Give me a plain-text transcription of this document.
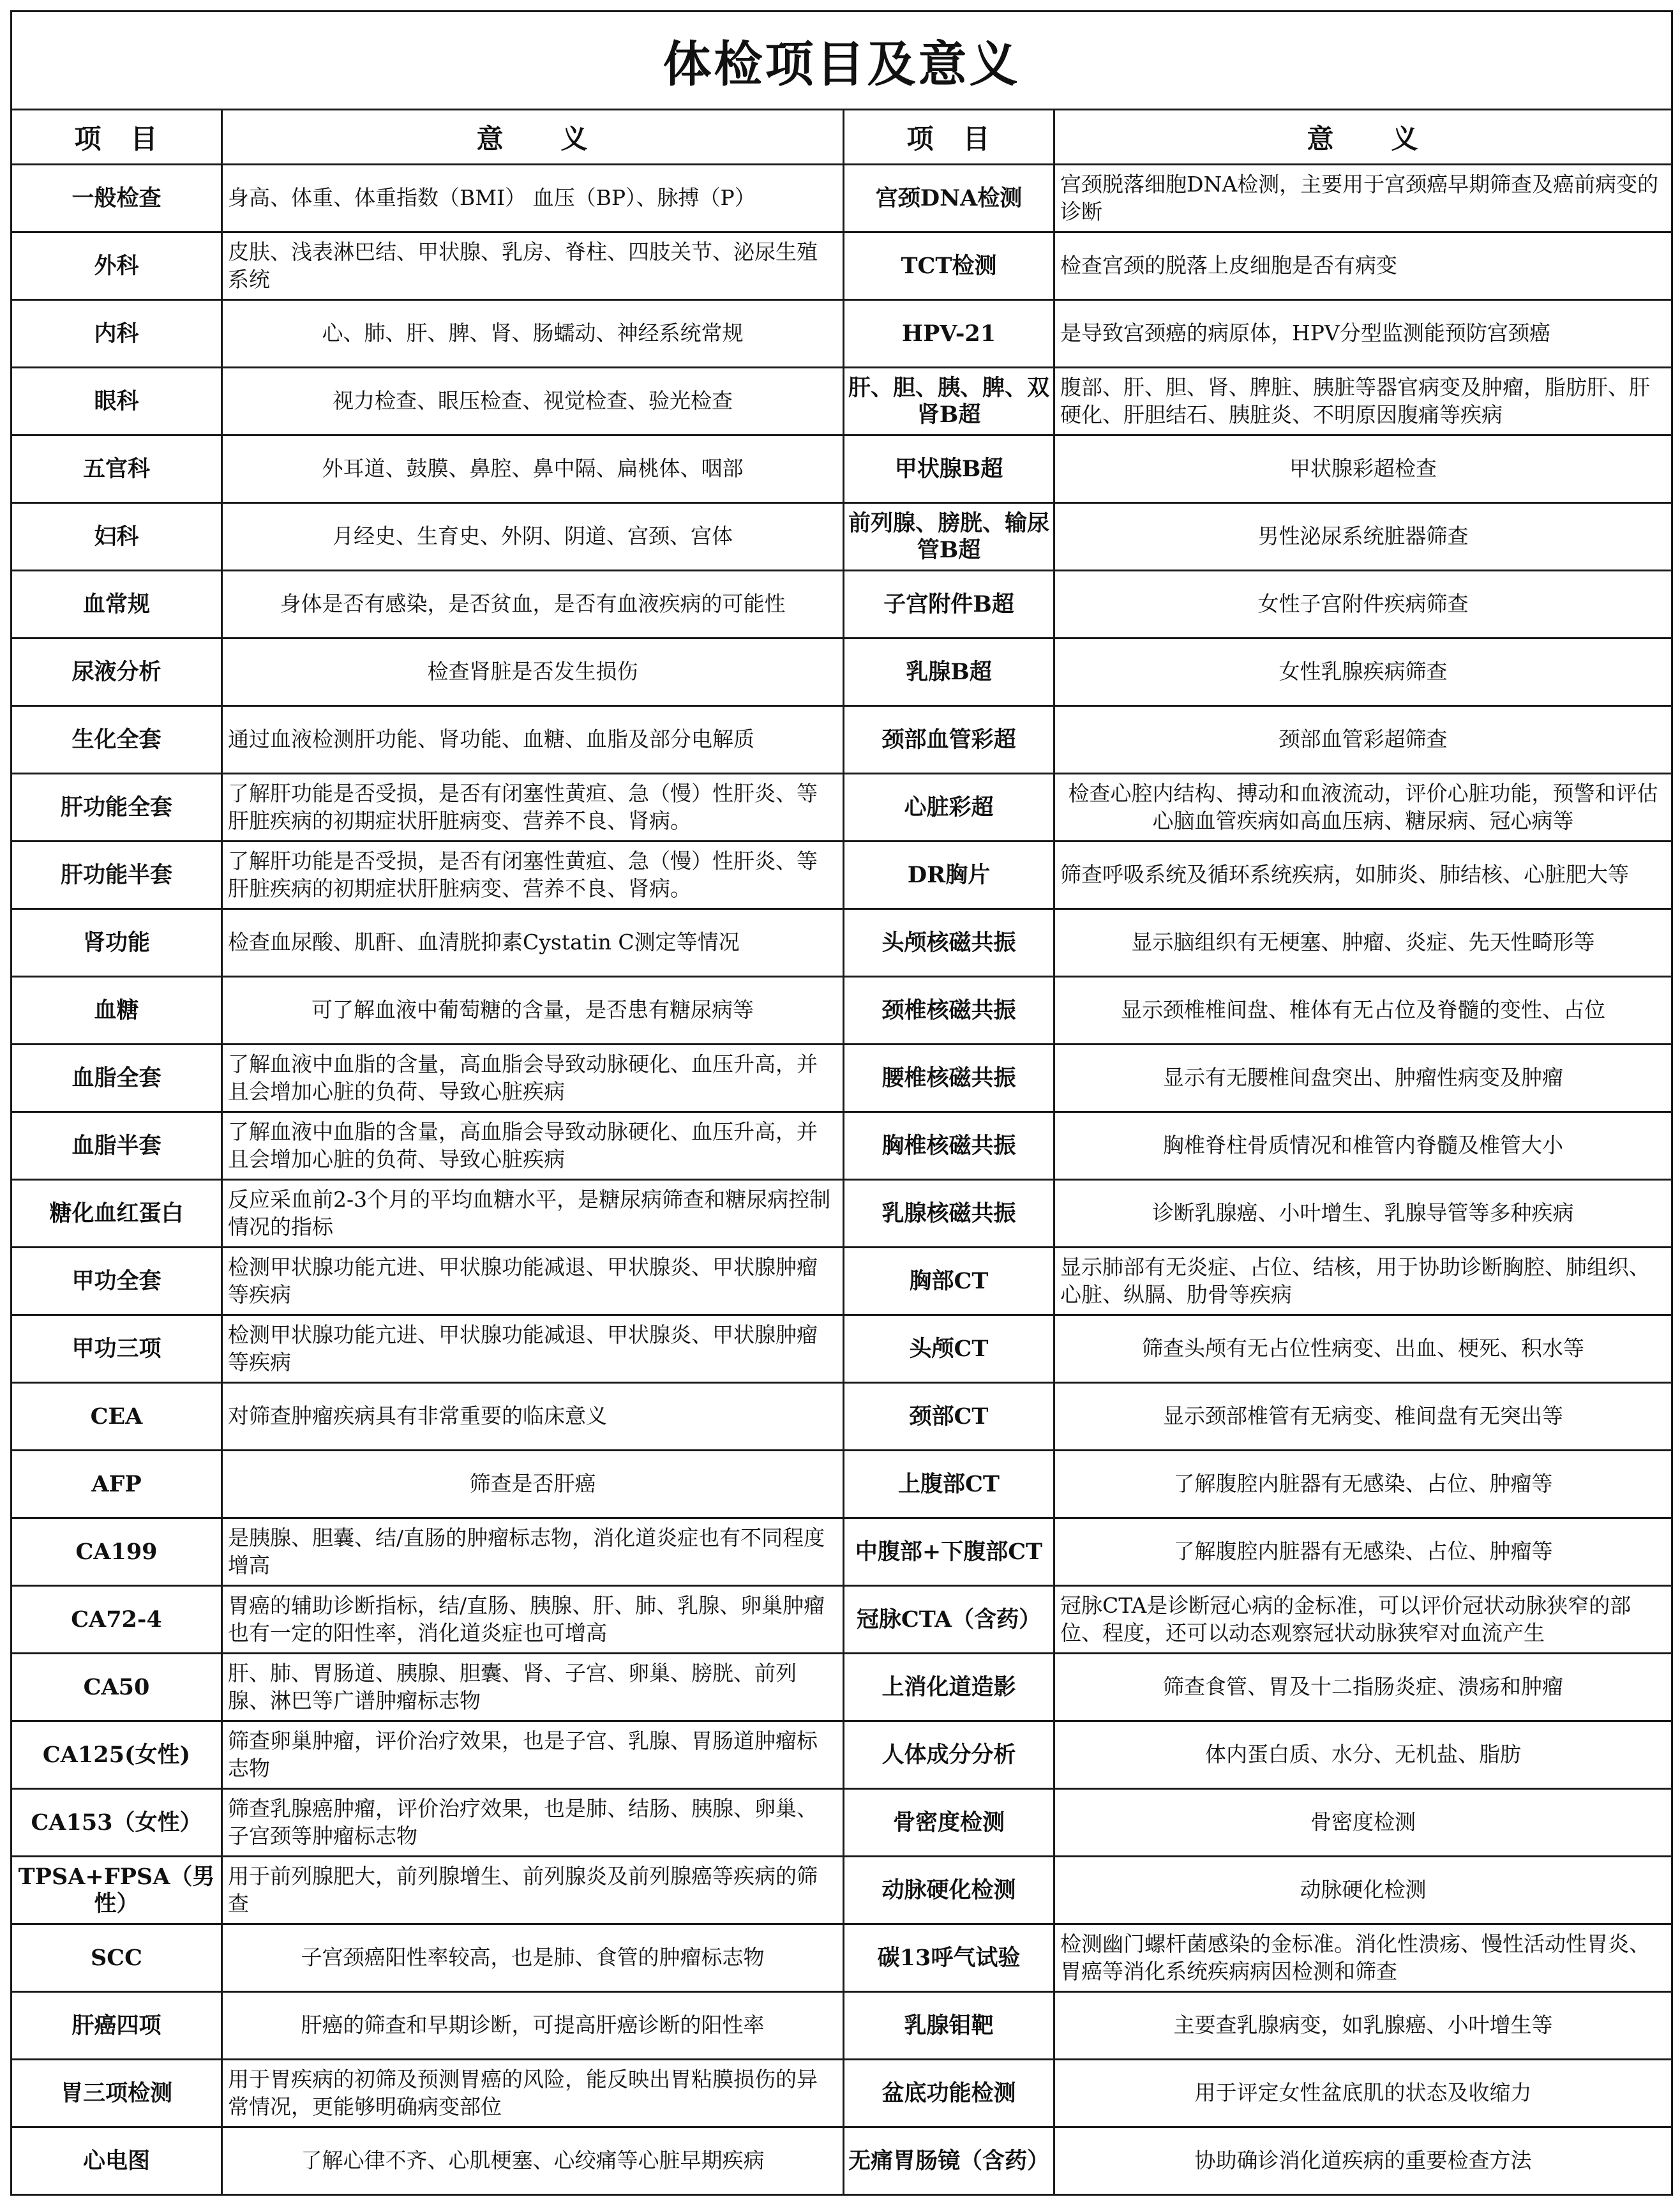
体检项目及意义			
项　目	意　　义	项　目	意　　义
一般检查	身高、体重、体重指数（BMI） 血压（BP）、脉搏（P）	宫颈DNA检测	宫颈脱落细胞DNA检测，主要用于宫颈癌早期筛查及癌前病变的诊断
外科	皮肤、浅表淋巴结、甲状腺、乳房、脊柱、四肢关节、泌尿生殖系统	TCT检测	检查宫颈的脱落上皮细胞是否有病变
内科	心、肺、肝、脾、肾、肠蠕动、神经系统常规	HPV-21	是导致宫颈癌的病原体，HPV分型监测能预防宫颈癌
眼科	视力检查、眼压检查、视觉检查、验光检查	肝、胆、胰、脾、双肾B超	腹部、肝、胆、肾、脾脏、胰脏等器官病变及肿瘤，脂肪肝、肝硬化、肝胆结石、胰脏炎、不明原因腹痛等疾病
五官科	外耳道、鼓膜、鼻腔、鼻中隔、扁桃体、咽部	甲状腺B超	甲状腺彩超检查
妇科	月经史、生育史、外阴、阴道、宫颈、宫体	前列腺、膀胱、输尿管B超	男性泌尿系统脏器筛查
血常规	身体是否有感染，是否贫血，是否有血液疾病的可能性	子宫附件B超	女性子宫附件疾病筛查
尿液分析	检查肾脏是否发生损伤	乳腺B超	女性乳腺疾病筛查
生化全套	通过血液检测肝功能、肾功能、血糖、血脂及部分电解质	颈部血管彩超	颈部血管彩超筛查
肝功能全套	了解肝功能是否受损，是否有闭塞性黄疸、急（慢）性肝炎、等肝脏疾病的初期症状肝脏病变、营养不良、肾病。	心脏彩超	检查心腔内结构、搏动和血液流动，评价心脏功能，预警和评估心脑血管疾病如高血压病、糖尿病、冠心病等
肝功能半套	了解肝功能是否受损，是否有闭塞性黄疸、急（慢）性肝炎、等肝脏疾病的初期症状肝脏病变、营养不良、肾病。	DR胸片	筛查呼吸系统及循环系统疾病，如肺炎、肺结核、心脏肥大等
肾功能	检查血尿酸、肌酐、血清胱抑素Cystatin C测定等情况	头颅核磁共振	显示脑组织有无梗塞、肿瘤、炎症、先天性畸形等
血糖	可了解血液中葡萄糖的含量，是否患有糖尿病等	颈椎核磁共振	显示颈椎椎间盘、椎体有无占位及脊髓的变性、占位
血脂全套	了解血液中血脂的含量，高血脂会导致动脉硬化、血压升高，并且会增加心脏的负荷、导致心脏疾病	腰椎核磁共振	显示有无腰椎间盘突出、肿瘤性病变及肿瘤
血脂半套	了解血液中血脂的含量，高血脂会导致动脉硬化、血压升高，并且会增加心脏的负荷、导致心脏疾病	胸椎核磁共振	胸椎脊柱骨质情况和椎管内脊髓及椎管大小
糖化血红蛋白	反应采血前2-3个月的平均血糖水平，是糖尿病筛查和糖尿病控制情况的指标	乳腺核磁共振	诊断乳腺癌、小叶增生、乳腺导管等多种疾病
甲功全套	检测甲状腺功能亢进、甲状腺功能减退、甲状腺炎、甲状腺肿瘤等疾病	胸部CT	显示肺部有无炎症、占位、结核，用于协助诊断胸腔、肺组织、心脏、纵膈、肋骨等疾病
甲功三项	检测甲状腺功能亢进、甲状腺功能减退、甲状腺炎、甲状腺肿瘤等疾病	头颅CT	筛查头颅有无占位性病变、出血、梗死、积水等
CEA	对筛查肿瘤疾病具有非常重要的临床意义	颈部CT	显示颈部椎管有无病变、椎间盘有无突出等
AFP	筛查是否肝癌	上腹部CT	了解腹腔内脏器有无感染、占位、肿瘤等
CA199	是胰腺、胆囊、结/直肠的肿瘤标志物，消化道炎症也有不同程度增高	中腹部+下腹部CT	了解腹腔内脏器有无感染、占位、肿瘤等
CA72-4	胃癌的辅助诊断指标，结/直肠、胰腺、肝、肺、乳腺、卵巢肿瘤也有一定的阳性率，消化道炎症也可增高	冠脉CTA（含药）	冠脉CTA是诊断冠心病的金标准，可以评价冠状动脉狭窄的部位、程度，还可以动态观察冠状动脉狭窄对血流产生
CA50	肝、肺、胃肠道、胰腺、胆囊、肾、子宫、卵巢、膀胱、前列腺、淋巴等广谱肿瘤标志物	上消化道造影	筛查食管、胃及十二指肠炎症、溃疡和肿瘤
CA125(女性)	筛查卵巢肿瘤，评价治疗效果，也是子宫、乳腺、胃肠道肿瘤标志物	人体成分分析	体内蛋白质、水分、无机盐、脂肪
CA153（女性）	筛查乳腺癌肿瘤，评价治疗效果，也是肺、结肠、胰腺、卵巢、子宫颈等肿瘤标志物	骨密度检测	骨密度检测
TPSA+FPSA（男性）	用于前列腺肥大，前列腺增生、前列腺炎及前列腺癌等疾病的筛查	动脉硬化检测	动脉硬化检测
SCC	子宫颈癌阳性率较高，也是肺、食管的肿瘤标志物	碳13呼气试验	检测幽门螺杆菌感染的金标准。消化性溃疡、慢性活动性胃炎、胃癌等消化系统疾病病因检测和筛查
肝癌四项	肝癌的筛查和早期诊断，可提高肝癌诊断的阳性率	乳腺钼靶	主要查乳腺病变，如乳腺癌、小叶增生等
胃三项检测	用于胃疾病的初筛及预测胃癌的风险，能反映出胃粘膜损伤的异常情况，更能够明确病变部位	盆底功能检测	用于评定女性盆底肌的状态及收缩力
心电图	了解心律不齐、心肌梗塞、心绞痛等心脏早期疾病	无痛胃肠镜（含药）	协助确诊消化道疾病的重要检查方法
